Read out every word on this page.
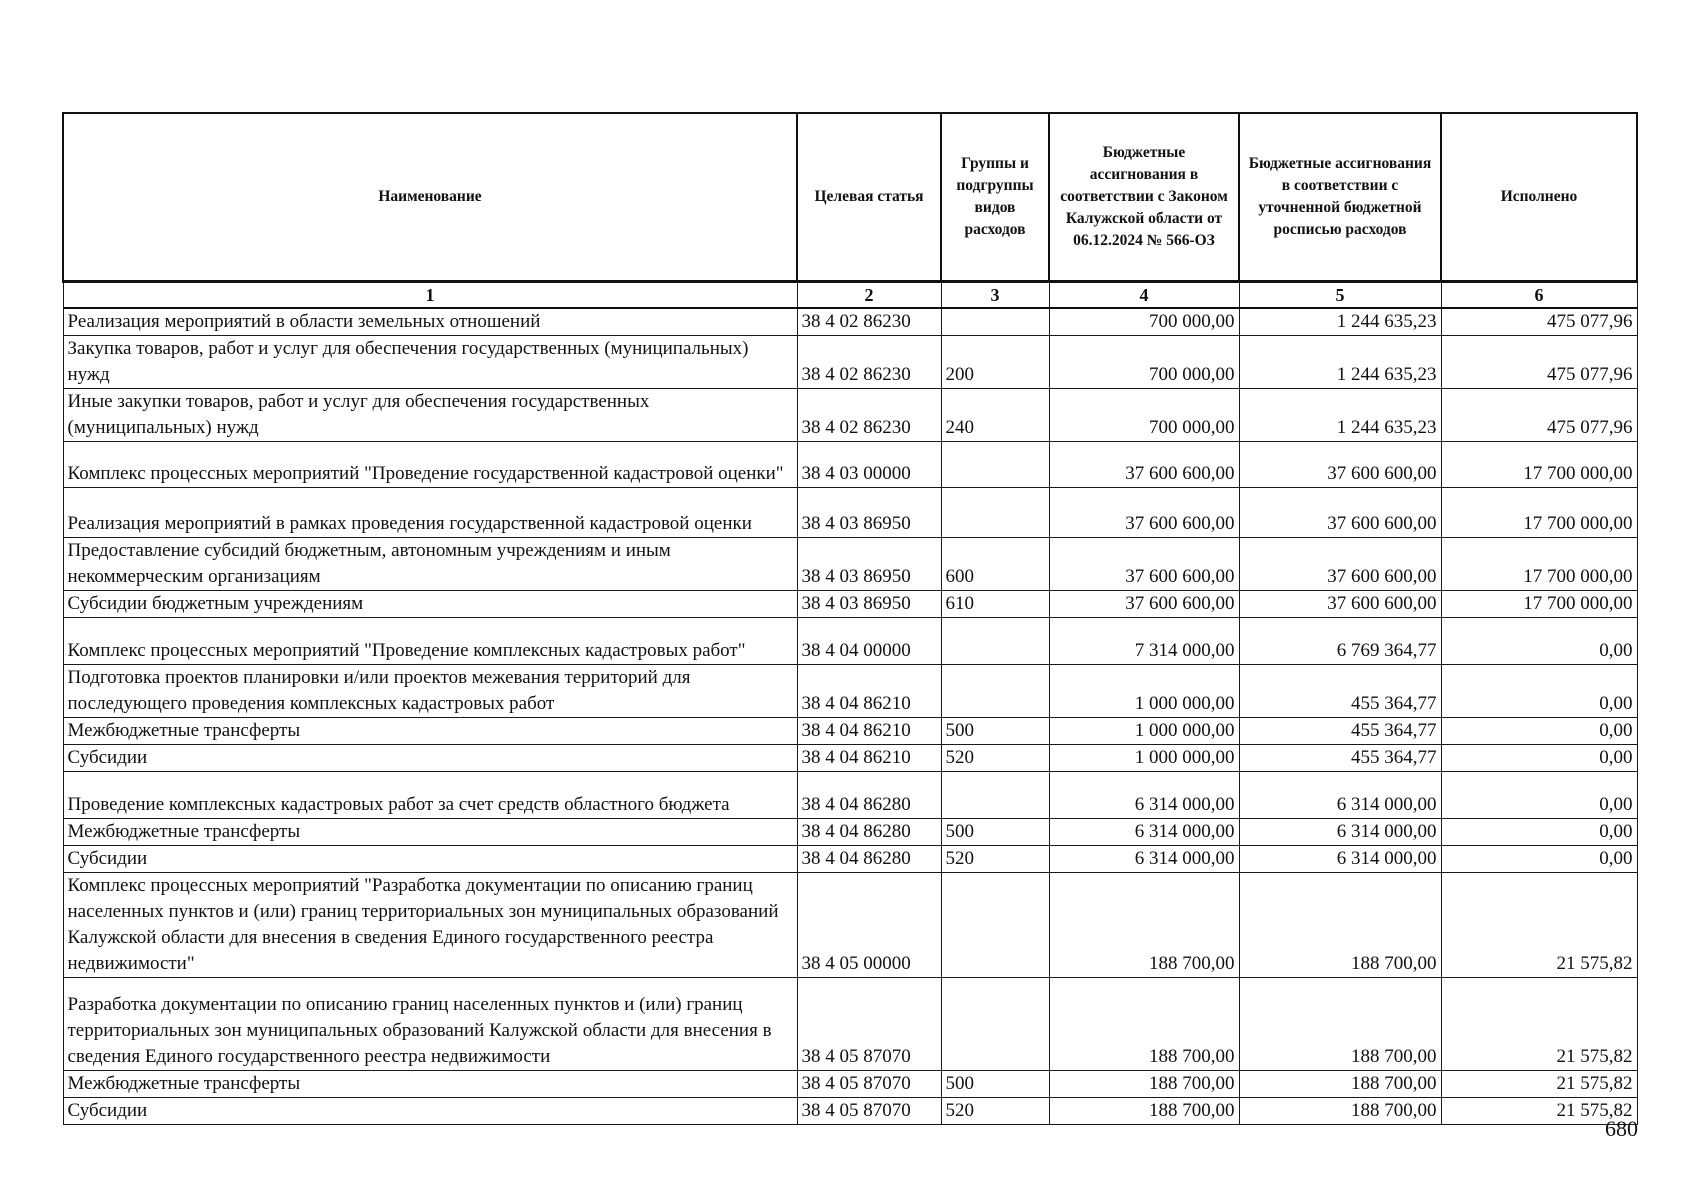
Наименование	Целевая статья	Группы и подгруппы видов расходов	Бюджетные ассигнования в соответствии с Законом Калужской области от 06.12.2024 № 566-ОЗ	Бюджетные ассигнования в соответствии с уточненной бюджетной росписью расходов	Исполнено
1	2	3	4	5	6
Реализация мероприятий в области земельных отношений	38 4 02 86230		700 000,00	1 244 635,23	475 077,96
Закупка товаров, работ и услуг для обеспечения государственных (муниципальных) нужд	38 4 02 86230	200	700 000,00	1 244 635,23	475 077,96
Иные закупки товаров, работ и услуг для обеспечения государственных (муниципальных) нужд	38 4 02 86230	240	700 000,00	1 244 635,23	475 077,96
Комплекс процессных мероприятий "Проведение государственной кадастровой оценки"	38 4 03 00000		37 600 600,00	37 600 600,00	17 700 000,00
Реализация мероприятий в рамках проведения государственной кадастровой оценки	38 4 03 86950		37 600 600,00	37 600 600,00	17 700 000,00
Предоставление субсидий бюджетным, автономным учреждениям и иным некоммерческим организациям	38 4 03 86950	600	37 600 600,00	37 600 600,00	17 700 000,00
Субсидии бюджетным учреждениям	38 4 03 86950	610	37 600 600,00	37 600 600,00	17 700 000,00
Комплекс процессных мероприятий "Проведение комплексных кадастровых работ"	38 4 04 00000		7 314 000,00	6 769 364,77	0,00
Подготовка проектов планировки и/или проектов межевания территорий для последующего проведения комплексных кадастровых работ	38 4 04 86210		1 000 000,00	455 364,77	0,00
Межбюджетные трансферты	38 4 04 86210	500	1 000 000,00	455 364,77	0,00
Субсидии	38 4 04 86210	520	1 000 000,00	455 364,77	0,00
Проведение комплексных кадастровых работ за счет средств областного бюджета	38 4 04 86280		6 314 000,00	6 314 000,00	0,00
Межбюджетные трансферты	38 4 04 86280	500	6 314 000,00	6 314 000,00	0,00
Субсидии	38 4 04 86280	520	6 314 000,00	6 314 000,00	0,00
Комплекс процессных мероприятий "Разработка документации по описанию границ населенных пунктов и (или) границ территориальных зон муниципальных образований Калужской области для внесения в сведения Единого государственного реестра недвижимости"	38 4 05 00000		188 700,00	188 700,00	21 575,82
Разработка документации по описанию границ населенных пунктов и (или) границ территориальных зон муниципальных образований Калужской области для внесения в сведения Единого государственного реестра недвижимости	38 4 05 87070		188 700,00	188 700,00	21 575,82
Межбюджетные трансферты	38 4 05 87070	500	188 700,00	188 700,00	21 575,82
Субсидии	38 4 05 87070	520	188 700,00	188 700,00	21 575,82
680
